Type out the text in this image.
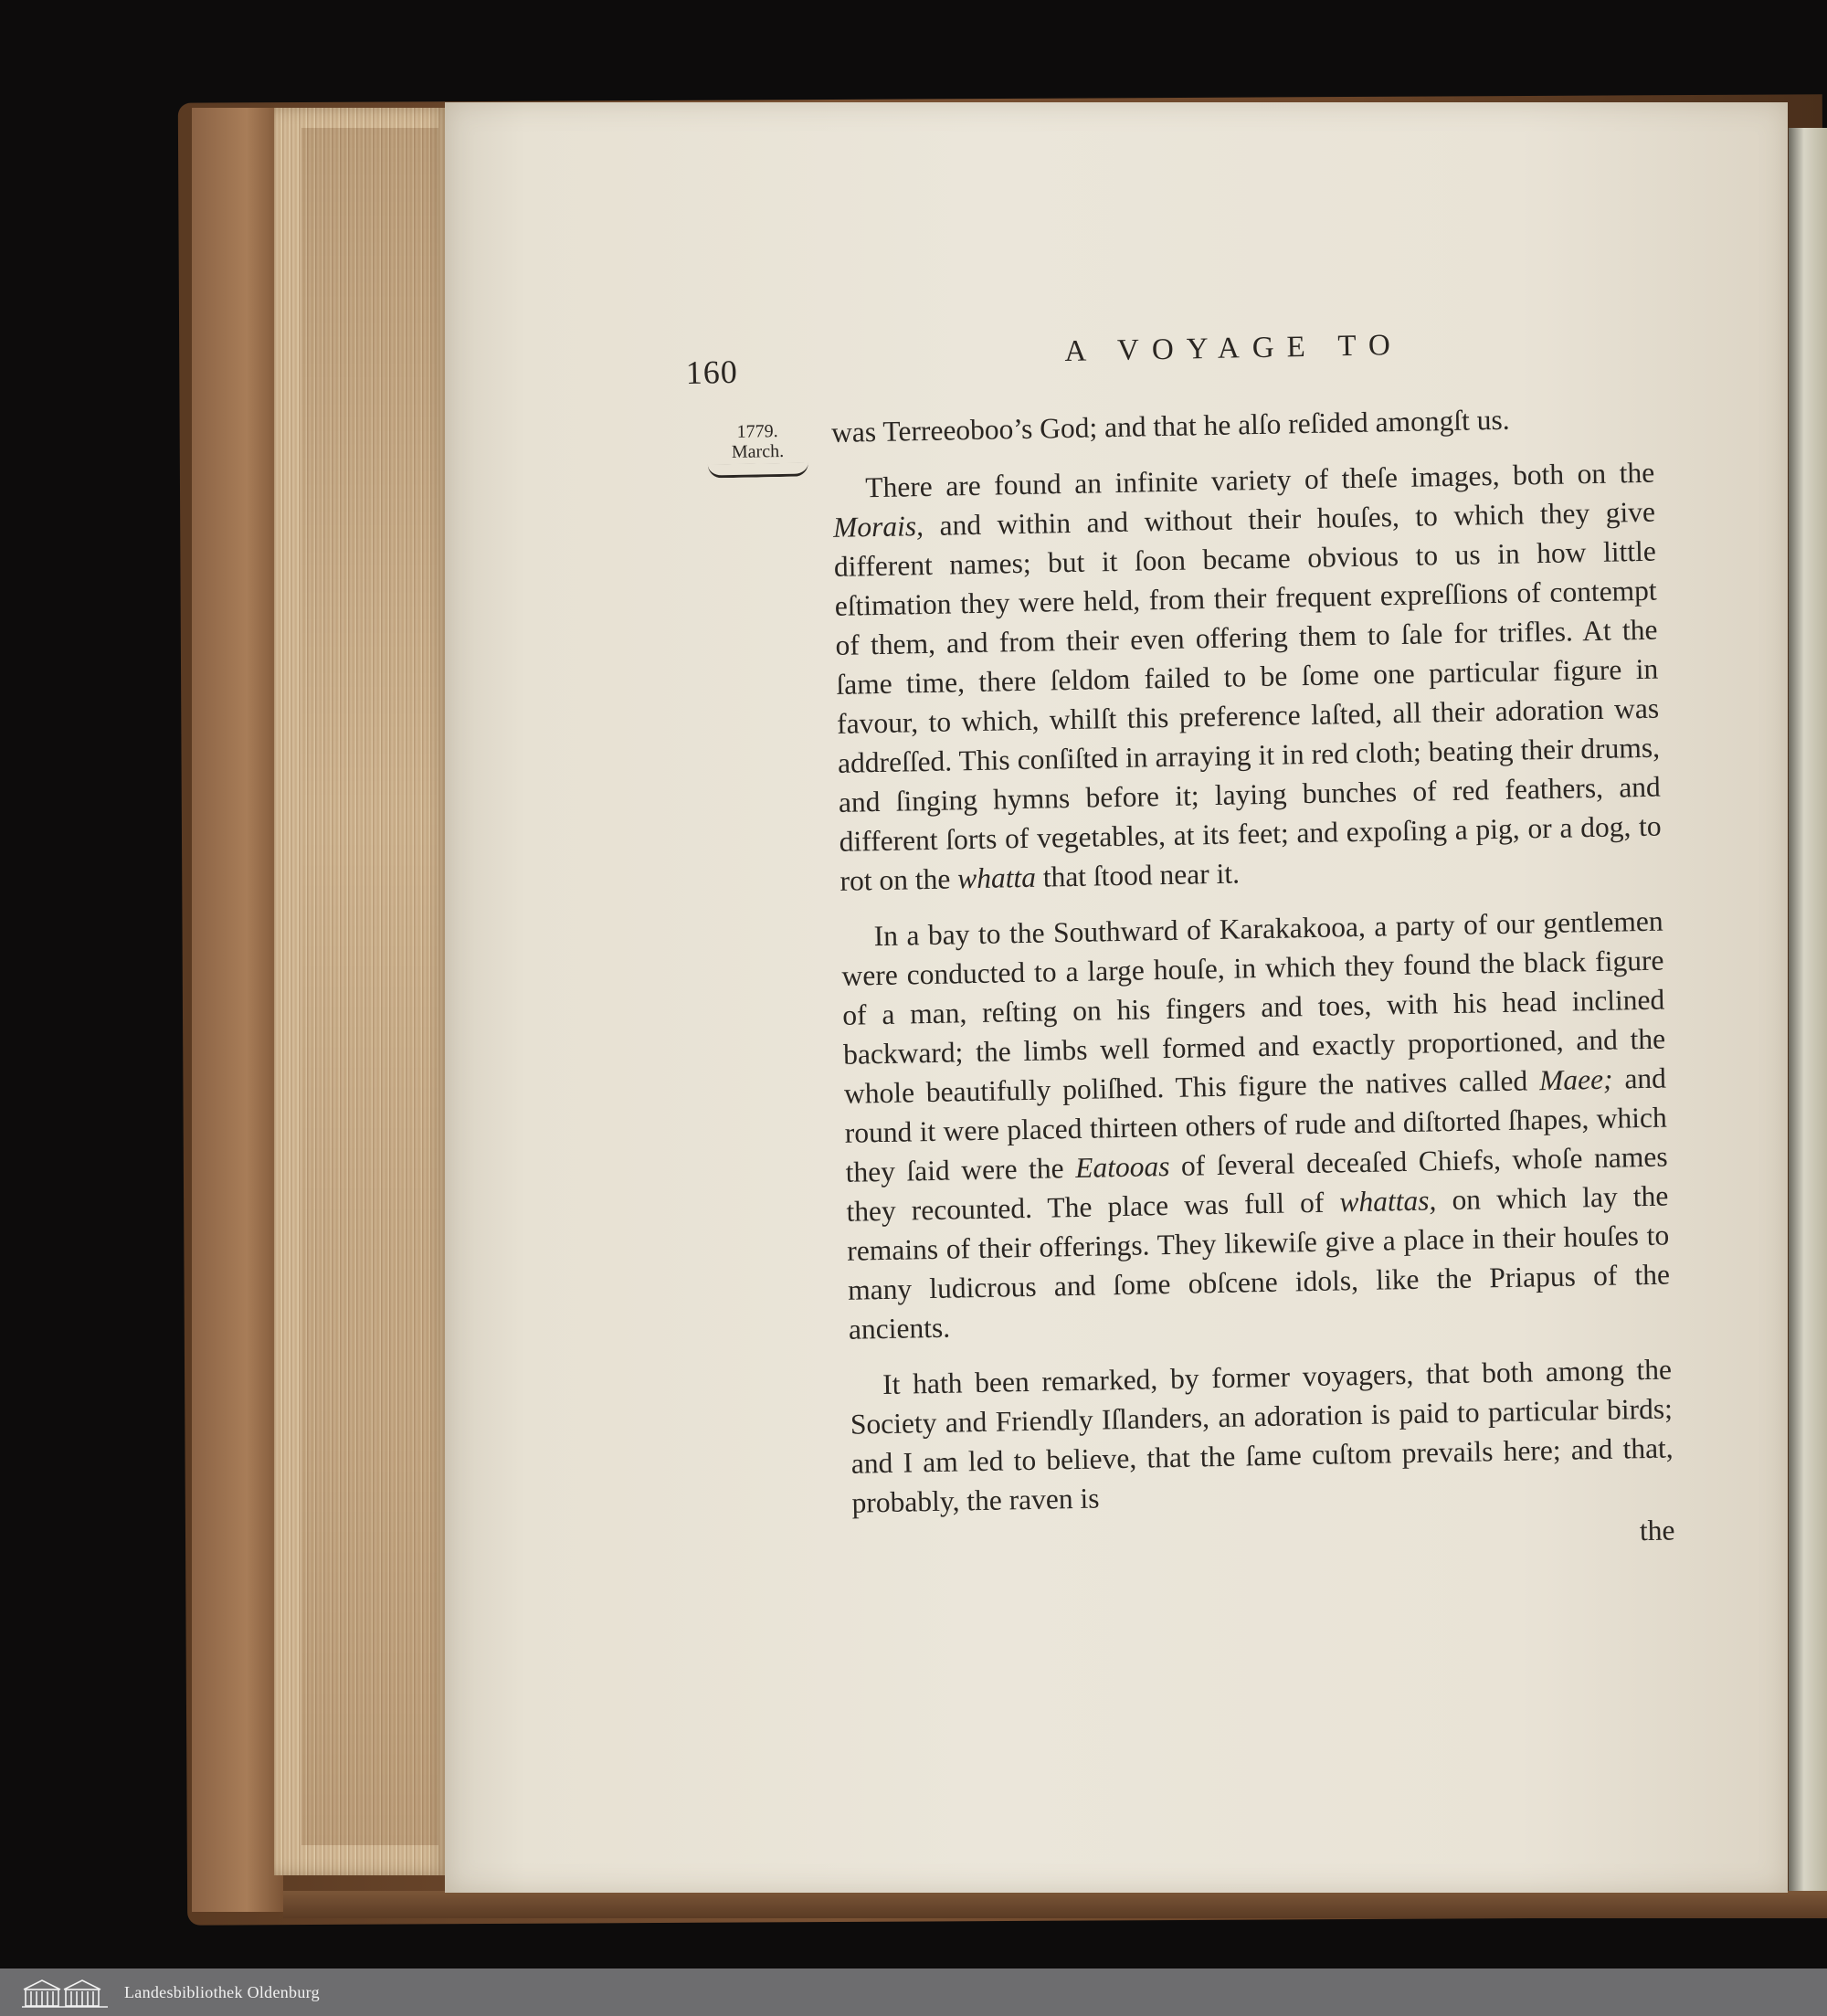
160
A VOYAGE TO
1779.
March.

was Terreeoboo’s God; and that he alſo reſided amongſt us.

There are found an infinite variety of theſe images, both on the Morais, and within and without their houſes, to which they give different names; but it ſoon became obvious to us in how little eſtimation they were held, from their frequent expreſſions of contempt of them, and from their even offering them to ſale for trifles. At the ſame time, there ſeldom failed to be ſome one particular figure in favour, to which, whilſt this preference laſted, all their adoration was addreſſed. This conſiſted in arraying it in red cloth; beating their drums, and ſinging hymns before it; laying bunches of red feathers, and different ſorts of vegetables, at its feet; and expoſing a pig, or a dog, to rot on the whatta that ſtood near it.

In a bay to the Southward of Karakakooa, a party of our gentlemen were conducted to a large houſe, in which they found the black figure of a man, reſting on his fingers and toes, with his head inclined backward; the limbs well formed and exactly proportioned, and the whole beautifully poliſhed. This figure the natives called Maee; and round it were placed thirteen others of rude and diſtorted ſhapes, which they ſaid were the Eatooas of ſeveral deceaſed Chiefs, whoſe names they recounted. The place was full of whattas, on which lay the remains of their offerings. They likewiſe give a place in their houſes to many ludicrous and ſome obſcene idols, like the Priapus of the ancients.

It hath been remarked, by former voyagers, that both among the Society and Friendly Iſlanders, an adoration is paid to particular birds; and I am led to believe, that the ſame cuſtom prevails here; and that, probably, the raven is

the
Landesbibliothek Oldenburg
